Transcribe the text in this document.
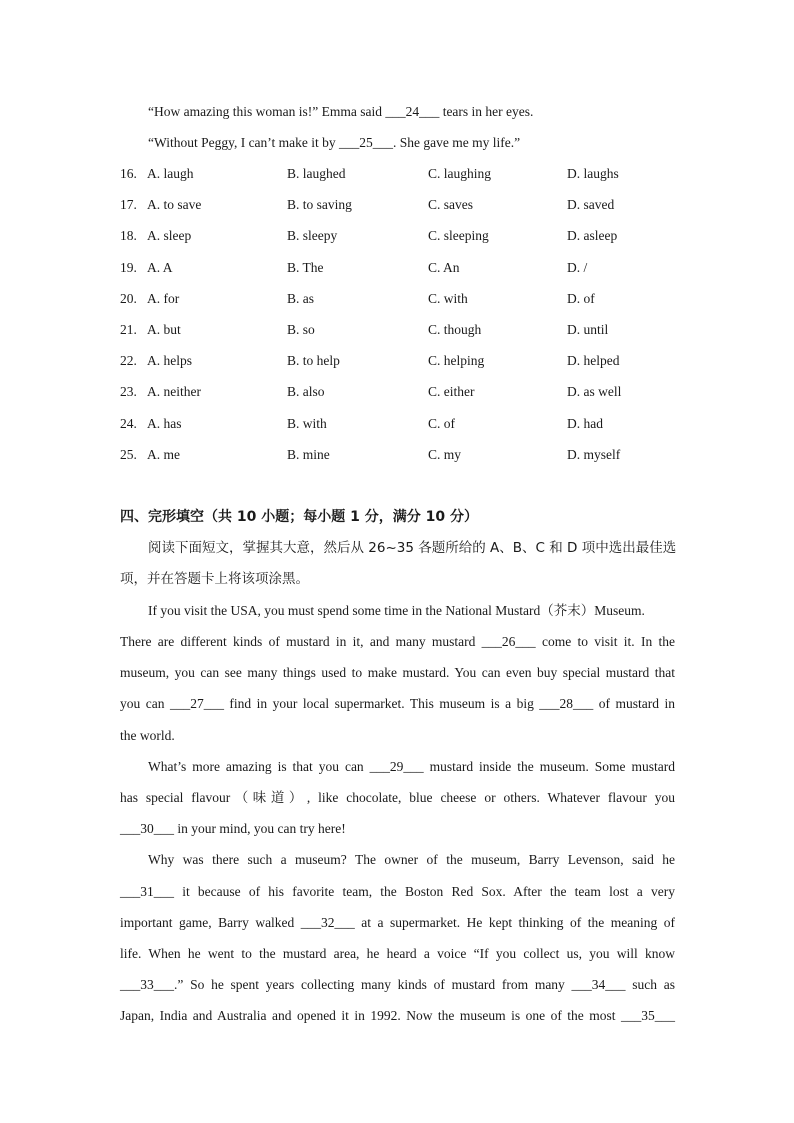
“How amazing this woman is!” Emma said ___24___ tears in her eyes.
“Without Peggy, I can’t make it by ___25___. She gave me my life.”
16. A. laugh	B. laughed	C. laughing	D. laughs
17. A. to save	B. to saving	C. saves	D. saved
18. A. sleep	B. sleepy	C. sleeping	D. asleep
19. A. A	B. The	C. An	D. /
20. A. for	B. as	C. with	D. of
21. A. but	B. so	C. though	D. until
22. A. helps	B. to help	C. helping	D. helped
23. A. neither	B. also	C. either	D. as well
24. A. has	B. with	C. of	D. had
25. A. me	B. mine	C. my	D. myself
四、完形填空（共 10 小题；每小题 1 分，满分 10 分）
阅读下面短文，掌握其大意，然后从 26~35 各题所给的 A、B、C 和 D 项中选出最佳选
项，并在答题卡上将该项涂黑。
If you visit the USA, you must spend some time in the National Mustard（芥末）Museum.
There are different kinds of mustard in it, and many mustard ___26___ come to visit it. In the
museum, you can see many things used to make mustard. You can even buy special mustard that
you can ___27___ find in your local supermarket. This museum is a big ___28___ of mustard in
the world.
What’s more amazing is that you can ___29___ mustard inside the museum. Some mustard
has special flavour（味道）, like chocolate, blue cheese or others. Whatever flavour you
___30___ in your mind, you can try here!
Why was there such a museum? The owner of the museum, Barry Levenson, said he
___31___ it because of his favorite team, the Boston Red Sox. After the team lost a very
important game, Barry walked ___32___ at a supermarket. He kept thinking of the meaning of
life. When he went to the mustard area, he heard a voice “If you collect us, you will know
___33___.” So he spent years collecting many kinds of mustard from many ___34___ such as
Japan, India and Australia and opened it in 1992. Now the museum is one of the most ___35___
